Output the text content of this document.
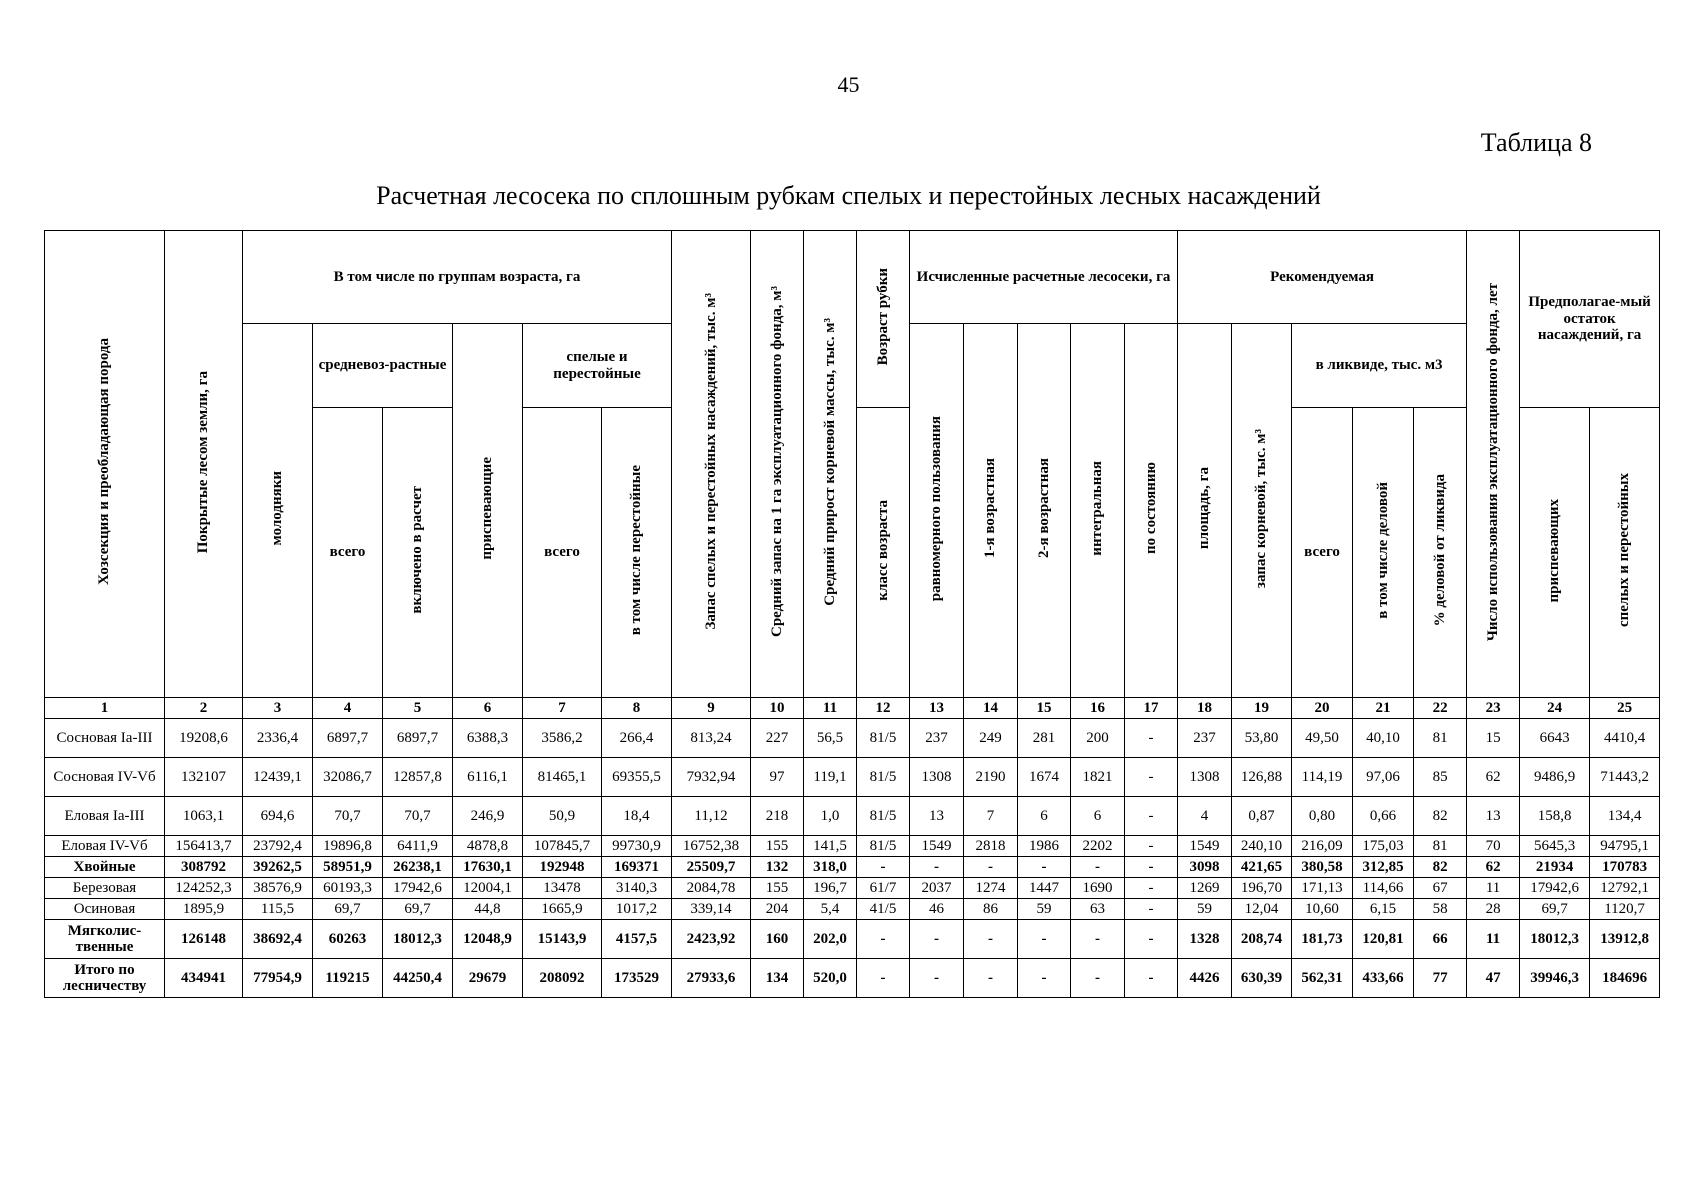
45
Таблица 8
Расчетная лесосека по сплошным рубкам спелых и перестойных лесных насаждений
Хозсекция и преобладающая порода	Покрытые лесом земли, га	В том числе по группам возраста, га						Запас спелых и перестойных насаждений, тыс. м³	Средний запас на 1 га эксплуатационного фонда, м³	Средний прирост корневой массы, тыс. м³	Возраст рубки	Исчисленные расчетные лесосеки, га					Рекомендуемая					Число использования эксплуатационного фонда, лет	Предполагае-мый остаток насаждений, га	
		молодняки	средневоз-растные		приспевающие	спелые и перестойные						равномерного пользования	1-я возрастная	2-я возрастная	интегральная	по состоянию	площадь, га	запас корневой, тыс. м³	в ликвиде, тыс. м3					
			всего	включено в расчет		всего	в том числе перестойные				класс возраста								всего	в том числе деловой	% деловой от ликвида		приспевающих	спелых и перестойных
1	2	3	4	5	6	7	8	9	10	11	12	13	14	15	16	17	18	19	20	21	22	23	24	25
Сосновая Ia-III	19208,6	2336,4	6897,7	6897,7	6388,3	3586,2	266,4	813,24	227	56,5	81/5	237	249	281	200	-	237	53,80	49,50	40,10	81	15	6643	4410,4
Сосновая IV-Vб	132107	12439,1	32086,7	12857,8	6116,1	81465,1	69355,5	7932,94	97	119,1	81/5	1308	2190	1674	1821	-	1308	126,88	114,19	97,06	85	62	9486,9	71443,2
Еловая Ia-III	1063,1	694,6	70,7	70,7	246,9	50,9	18,4	11,12	218	1,0	81/5	13	7	6	6	-	4	0,87	0,80	0,66	82	13	158,8	134,4
Еловая IV-Vб	156413,7	23792,4	19896,8	6411,9	4878,8	107845,7	99730,9	16752,38	155	141,5	81/5	1549	2818	1986	2202	-	1549	240,10	216,09	175,03	81	70	5645,3	94795,1
Хвойные	308792	39262,5	58951,9	26238,1	17630,1	192948	169371	25509,7	132	318,0	-	-	-	-	-	-	3098	421,65	380,58	312,85	82	62	21934	170783
Березовая	124252,3	38576,9	60193,3	17942,6	12004,1	13478	3140,3	2084,78	155	196,7	61/7	2037	1274	1447	1690	-	1269	196,70	171,13	114,66	67	11	17942,6	12792,1
Осиновая	1895,9	115,5	69,7	69,7	44,8	1665,9	1017,2	339,14	204	5,4	41/5	46	86	59	63	-	59	12,04	10,60	6,15	58	28	69,7	1120,7
Мягколис-твенные	126148	38692,4	60263	18012,3	12048,9	15143,9	4157,5	2423,92	160	202,0	-	-	-	-	-	-	1328	208,74	181,73	120,81	66	11	18012,3	13912,8
Итого по лесничеству	434941	77954,9	119215	44250,4	29679	208092	173529	27933,6	134	520,0	-	-	-	-	-	-	4426	630,39	562,31	433,66	77	47	39946,3	184696
